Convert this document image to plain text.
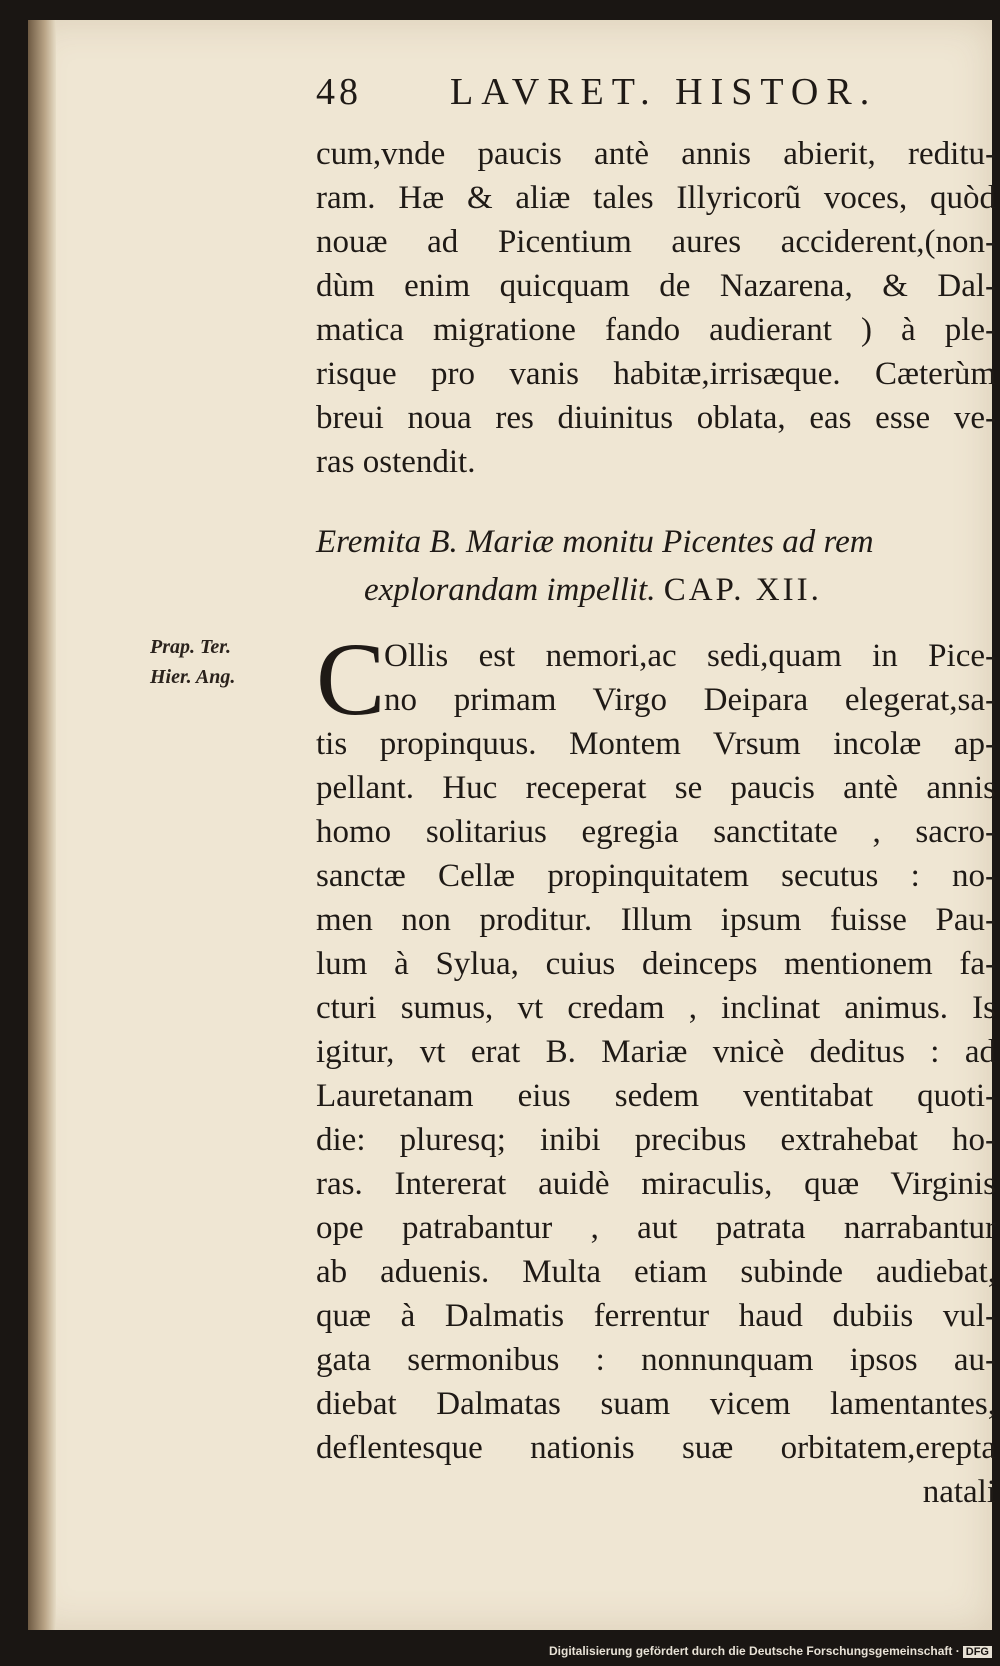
Prap. Ter.
Hier. Ang.
48 LAVRET. HISTOR.
cum,vnde paucis antè annis abierit, reditu-
ram. Hæ & aliæ tales Illyricorũ voces, quòd
nouæ ad Picentium aures acciderent,(non-
dùm enim quicquam de Nazarena, & Dal-
matica migratione fando audierant ) à ple-
risque pro vanis habitæ,irrisæque. Cæterùm
breui noua res diuinitus oblata, eas esse ve-
ras ostendit.
Eremita B. Mariæ monitu Picentes ad rem
explorandam impellit. CAP. XII.
C
Ollis est nemori,ac sedi,quam in Pice-
no primam Virgo Deipara elegerat,sa-
tis propinquus. Montem Vrsum incolæ ap-
pellant. Huc receperat se paucis antè annis
homo solitarius egregia sanctitate , sacro-
sanctæ Cellæ propinquitatem secutus : no-
men non proditur. Illum ipsum fuisse Pau-
lum à Sylua, cuius deinceps mentionem fa-
cturi sumus, vt credam , inclinat animus. Is
igitur, vt erat B. Mariæ vnicè deditus : ad
Lauretanam eius sedem ventitabat quoti-
die: pluresq; inibi precibus extrahebat ho-
ras. Intererat auidè miraculis, quæ Virginis
ope patrabantur , aut patrata narrabantur
ab aduenis. Multa etiam subinde audiebat,
quæ à Dalmatis ferrentur haud dubiis vul-
gata sermonibus : nonnunquam ipsos au-
diebat Dalmatas suam vicem lamentantes,
deflentesque nationis suæ orbitatem,erepta
natali
Digitalisierung gefördert durch die Deutsche Forschungsgemeinschaft · DFG
